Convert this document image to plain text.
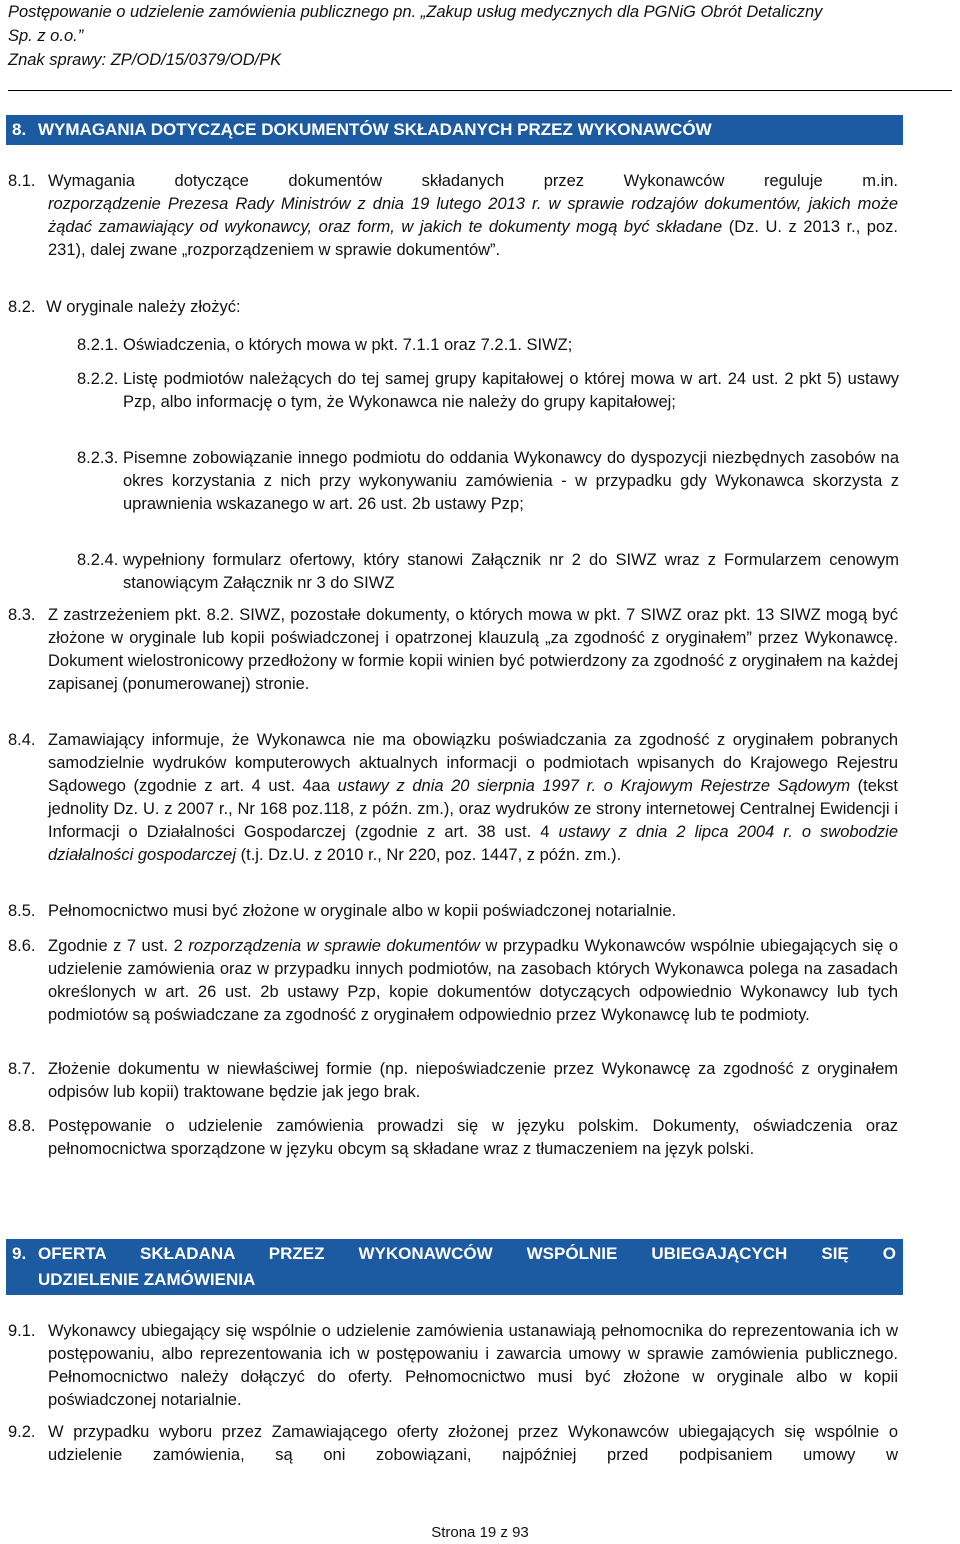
Postępowanie o udzielenie zamówienia publicznego pn. „Zakup usług medycznych dla PGNiG Obrót Detaliczny
Sp. z o.o.”
Znak sprawy: ZP/OD/15/0379/OD/PK
8. WYMAGANIA DOTYCZĄCE DOKUMENTÓW SKŁADANYCH PRZEZ WYKONAWCÓW
8.1. Wymagania dotyczące dokumentów składanych przez Wykonawców reguluje m.in.
rozporządzenie Prezesa Rady Ministrów z dnia 19 lutego 2013 r. w sprawie rodzajów dokumentów, jakich może żądać zamawiający od wykonawcy, oraz form, w jakich te dokumenty mogą być składane (Dz. U. z 2013 r., poz. 231), dalej zwane „rozporządzeniem w sprawie dokumentów”.
8.2. W oryginale należy złożyć:
8.2.1. Oświadczenia, o których mowa w pkt. 7.1.1 oraz 7.2.1. SIWZ;
8.2.2. Listę podmiotów należących do tej samej grupy kapitałowej o której mowa w art. 24 ust. 2 pkt 5) ustawy Pzp, albo informację o tym, że Wykonawca nie należy do grupy kapitałowej;
8.2.3. Pisemne zobowiązanie innego podmiotu do oddania Wykonawcy do dyspozycji niezbędnych zasobów na okres korzystania z nich przy wykonywaniu zamówienia - w przypadku gdy Wykonawca skorzysta z uprawnienia wskazanego w art. 26 ust. 2b ustawy Pzp;
8.2.4. wypełniony formularz ofertowy, który stanowi Załącznik nr 2 do SIWZ wraz z Formularzem cenowym stanowiącym Załącznik nr 3 do SIWZ
8.3. Z zastrzeżeniem pkt. 8.2. SIWZ, pozostałe dokumenty, o których mowa w pkt. 7 SIWZ oraz pkt. 13 SIWZ mogą być złożone w oryginale lub kopii poświadczonej i opatrzonej klauzulą „za zgodność z oryginałem” przez Wykonawcę. Dokument wielostronicowy przedłożony w formie kopii winien być potwierdzony za zgodność z oryginałem na każdej zapisanej (ponumerowanej) stronie.
8.4. Zamawiający informuje, że Wykonawca nie ma obowiązku poświadczania za zgodność z oryginałem pobranych samodzielnie wydruków komputerowych aktualnych informacji o podmiotach wpisanych do Krajowego Rejestru Sądowego (zgodnie z art. 4 ust. 4aa ustawy z dnia 20 sierpnia 1997 r. o Krajowym Rejestrze Sądowym (tekst jednolity Dz. U. z 2007 r., Nr 168 poz.118, z późn. zm.), oraz wydruków ze strony internetowej Centralnej Ewidencji i Informacji o Działalności Gospodarczej (zgodnie z art. 38 ust. 4 ustawy z dnia 2 lipca 2004 r. o swobodzie działalności gospodarczej (t.j. Dz.U. z 2010 r., Nr 220, poz. 1447, z późn. zm.).
8.5. Pełnomocnictwo musi być złożone w oryginale albo w kopii poświadczonej notarialnie.
8.6. Zgodnie z 7 ust. 2 rozporządzenia w sprawie dokumentów w przypadku Wykonawców wspólnie ubiegających się o udzielenie zamówienia oraz w przypadku innych podmiotów, na zasobach których Wykonawca polega na zasadach określonych w art. 26 ust. 2b ustawy Pzp, kopie dokumentów dotyczących odpowiednio Wykonawcy lub tych podmiotów są poświadczane za zgodność z oryginałem odpowiednio przez Wykonawcę lub te podmioty.
8.7. Złożenie dokumentu w niewłaściwej formie (np. niepoświadczenie przez Wykonawcę za zgodność z oryginałem odpisów lub kopii) traktowane będzie jak jego brak.
8.8. Postępowanie o udzielenie zamówienia prowadzi się w języku polskim. Dokumenty, oświadczenia oraz pełnomocnictwa sporządzone w języku obcym są składane wraz z tłumaczeniem na język polski.
9. OFERTA SKŁADANA PRZEZ WYKONAWCÓW WSPÓLNIE UBIEGAJĄCYCH SIĘ O
UDZIELENIE ZAMÓWIENIA
9.1. Wykonawcy ubiegający się wspólnie o udzielenie zamówienia ustanawiają pełnomocnika do reprezentowania ich w postępowaniu, albo reprezentowania ich w postępowaniu i zawarcia umowy w sprawie zamówienia publicznego. Pełnomocnictwo należy dołączyć do oferty. Pełnomocnictwo musi być złożone w oryginale albo w kopii poświadczonej notarialnie.
9.2. W przypadku wyboru przez Zamawiającego oferty złożonej przez Wykonawców ubiegających się wspólnie o udzielenie zamówienia, są oni zobowiązani, najpóźniej przed podpisaniem umowy w
Strona 19 z 93
